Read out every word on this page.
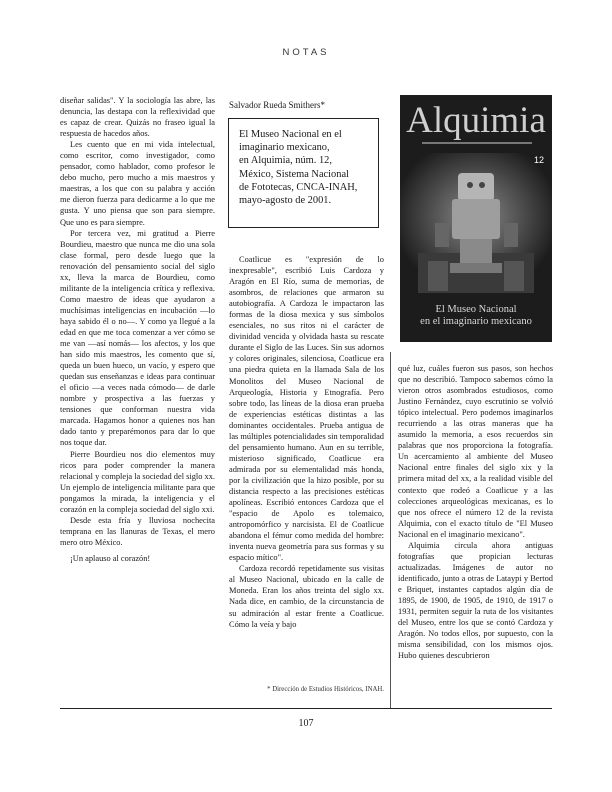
NOTAS

diseñar salidas". Y la sociología las abre, las denuncia, las destapa con la reflexividad que es capaz de crear. Quizás no fraseo igual la respuesta de hacedos años.

Les cuento que en mi vida intelectual, como escritor, como investigador, como pensador, como hablador, como profesor le debo mucho, pero mucho a mis maestros y maestras, a los que con su palabra y acción me dieron fuerza para dedicarme a lo que me gusta. Y uno piensa que son para siempre. Que uno es para siempre.

Por tercera vez, mi gratitud a Pierre Bourdieu, maestro que nunca me dio una sola clase formal, pero desde luego que la renovación del pensamiento social del siglo xx, lleva la marca de Bourdieu, como militante de la inteligencia crítica y reflexiva. Como maestro de ideas que ayudaron a muchísimas inteligencias en incubación —lo haya sabido él o no—. Y como ya llegué a la edad en que me toca comenzar a ver cómo se me van —así nomás— los afectos, y los que han sido mis maestros, les comento que sí, queda un buen hueco, un vacío, y espero que quedan sus enseñanzas e ideas para continuar el oficio —a veces nada cómodo— de darle nombre y prospectiva a las fuerzas y tensiones que conforman nuestra vida marcada. Hagamos honor a quienes nos han dado tanto y preparémonos para dar lo que nos toque dar.

Pierre Bourdieu nos dio elementos muy ricos para poder comprender la manera relacional y compleja la sociedad del siglo xx. Un ejemplo de inteligencia militante para que pongamos la mirada, la inteligencia y el corazón en la compleja sociedad del siglo xxi.

Desde esta fría y lluviosa nochecita temprana en las llanuras de Texas, el mero mero otro México.

¡Un aplauso al corazón!

Salvador Rueda Smithers*
El Museo Nacional en el
imaginario mexicano,
en Alquimia, núm. 12,
México, Sistema Nacional
de Fototecas, CNCA-INAH,
mayo-agosto de 2001.
Alquimia
12
El Museo Nacional
en el imaginario mexicano

Coatlicue es "expresión de lo inexpresable", escribió Luis Cardoza y Aragón en El Río, suma de memorias, de asombros, de relaciones que armaron su autobiografía. A Cardoza le impactaron las formas de la diosa mexica y sus símbolos esenciales, no sus ritos ni el carácter de divinidad vencida y olvidada hasta su rescate durante el Siglo de las Luces. Sin sus adornos y colores originales, silenciosa, Coatlicue era una piedra quieta en la llamada Sala de los Monolitos del Museo Nacional de Arqueología, Historia y Etnografía. Pero sobre todo, las líneas de la diosa eran prueba de experiencias estéticas distintas a las dominantes occidentales. Prueba antigua de las múltiples potencialidades sin temporalidad del pensamiento humano. Aun en su terrible, misterioso significado, Coatlicue era admirada por su elementalidad más honda, por la civilización que la hizo posible, por su distancia respecto a las precisiones estéticas apolíneas. Escribió entonces Cardoza que el "espacio de Apolo es tolemaico, antropomórfico y narcisista. El de Coatlicue abandona el fémur como medida del hombre: inventa nueva geometría para sus formas y su espacio mítico".

Cardoza recordó repetidamente sus visitas al Museo Nacional, ubicado en la calle de Moneda. Eran los años treinta del siglo xx. Nada dice, en cambio, de la circunstancia de su admiración al estar frente a Coatlicue. Cómo la veía y bajo

qué luz, cuáles fueron sus pasos, son hechos que no describió. Tampoco sabemos cómo la vieron otros asombrados estudiosos, como Justino Fernández, cuyo escrutinio se volvió tópico intelectual. Pero podemos imaginarlos recurriendo a las otras maneras que ha asumido la memoria, a esos recuerdos sin palabras que nos proporciona la fotografía. Un acercamiento al ambiente del Museo Nacional entre finales del siglo xix y la primera mitad del xx, a la realidad visible del contexto que rodeó a Coatlicue y a las colecciones arqueológicas mexicanas, es lo que nos ofrece el número 12 de la revista Alquimia, con el exacto título de "El Museo Nacional en el imaginario mexicano".

Alquimia circula ahora antiguas fotografías que propician lecturas actualizadas. Imágenes de autor no identificado, junto a otras de Lataypi y Bertod e Briquet, instantes captados algún día de 1895, de 1900, de 1905, de 1910, de 1917 o 1931, permiten seguir la ruta de los visitantes del Museo, entre los que se contó Cardoza y Aragón. No todos ellos, por supuesto, con la misma sensibilidad, con los mismos ojos. Hubo quienes descubrieron

* Dirección de Estudios Históricos, INAH.
107
